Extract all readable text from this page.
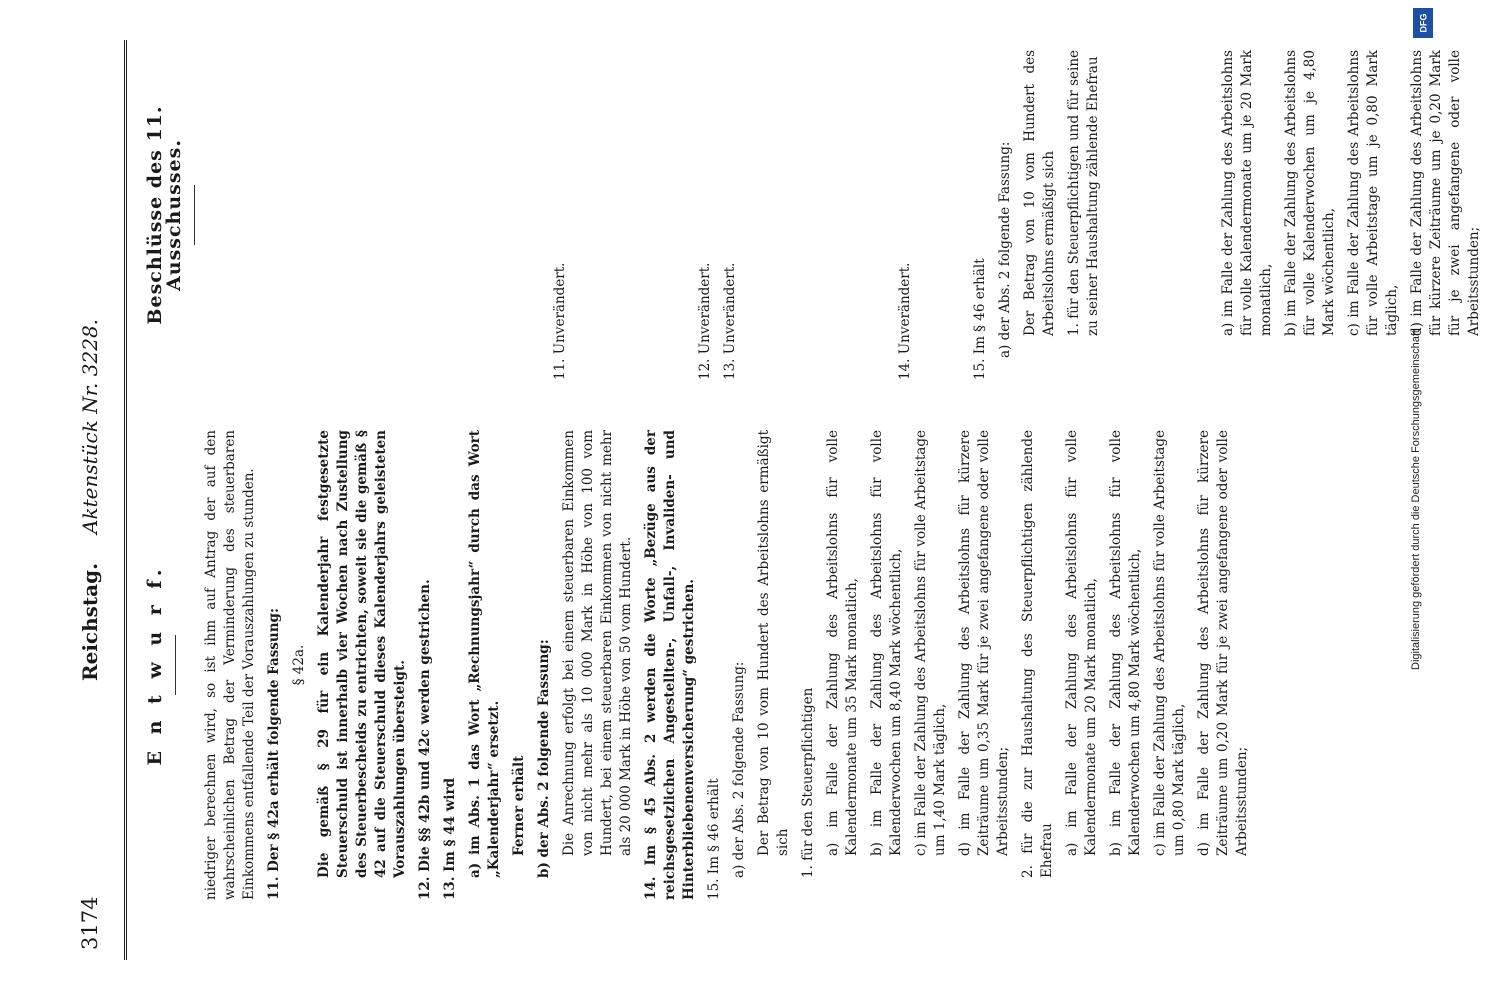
3174
Reichstag. Aktenstück Nr. 3228.
E n t w u r f.	niedriger berechnen wird, so ist ihm auf Antrag der auf den wahrscheinlichen Betrag der Verminderung des steuerbaren Einkommens entfallende Teil der Vorauszahlungen zu stunden. 11. Der § 42a erhält folgende Fassung: § 42a. Die gemäß § 29 für ein Kalenderjahr festgesetzte Steuerschuld ist innerhalb vier Wochen nach Zustellung des Steuerbescheids zu entrichten, soweit sie die gemäß § 42 auf die Steuerschuld dieses Kalenderjahrs geleisteten Vorauszahlungen übersteigt. 12. Die §§ 42b und 42c werden gestrichen. 13. Im § 44 wird a) im Abs. 1 das Wort „Rechnungsjahr“ durch das Wort „Kalenderjahr“ ersetzt. Ferner erhält b) der Abs. 2 folgende Fassung: Die Anrechnung erfolgt bei einem steuerbaren Einkommen von nicht mehr als 10 000 Mark in Höhe von 100 vom Hundert, bei einem steuerbaren Einkommen von nicht mehr als 20 000 Mark in Höhe von 50 vom Hundert. 14. Im § 45 Abs. 2 werden die Worte „Bezüge aus der reichsgesetzlichen Angestellten-, Unfall-, Invaliden- und Hinterbliebenenversicherung“ gestrichen. 15. Im § 46 erhält a) der Abs. 2 folgende Fassung: Der Betrag von 10 vom Hundert des Arbeitslohns ermäßigt sich 1. für den Steuerpflichtigen a) im Falle der Zahlung des Arbeitslohns für volle Kalendermonate um 35 Mark monatlich, b) im Falle der Zahlung des Arbeitslohns für volle Kalenderwochen um 8,40 Mark wöchentlich, c) im Falle der Zahlung des Arbeitslohns für volle Arbeitstage um 1,40 Mark täglich, d) im Falle der Zahlung des Arbeitslohns für kürzere Zeiträume um 0,35 Mark für je zwei angefangene oder volle Arbeitsstunden; 2. für die zur Haushaltung des Steuerpflichtigen zählende Ehefrau a) im Falle der Zahlung des Arbeitslohns für volle Kalendermonate um 20 Mark monatlich, b) im Falle der Zahlung des Arbeitslohns für volle Kalenderwochen um 4,80 Mark wöchentlich, c) im Falle der Zahlung des Arbeitslohns für volle Arbeitstage um 0,80 Mark täglich, d) im Falle der Zahlung des Arbeitslohns für kürzere Zeiträume um 0,20 Mark für je zwei angefangene oder volle Arbeitsstunden;

Beschlüsse des 11. Ausschusses.

11. Unverändert.	12. Unverändert. 13. Unverändert.	14. Unverändert.	15. Im § 46 erhält a) der Abs. 2 folgende Fassung: Der Betrag von 10 vom Hundert des Arbeitslohns ermäßigt sich 1. für den Steuerpflichtigen und für seine zu seiner Haushaltung zählende Ehefrau	a) im Falle der Zahlung des Arbeitslohns für volle Kalendermonate um je 20 Mark monatlich, b) im Falle der Zahlung des Arbeitslohns für volle Kalenderwochen um je 4,80 Mark wöchentlich, c) im Falle der Zahlung des Arbeitslohns für volle Arbeitstage um je 0,80 Mark täglich, d) im Falle der Zahlung des Arbeitslohns für kürzere Zeiträume um je 0,20 Mark für je zwei angefangene oder volle Arbeitsstunden;

Digitalisierung gefördert durch die Deutsche Forschungsgemeinschaft
DFG
